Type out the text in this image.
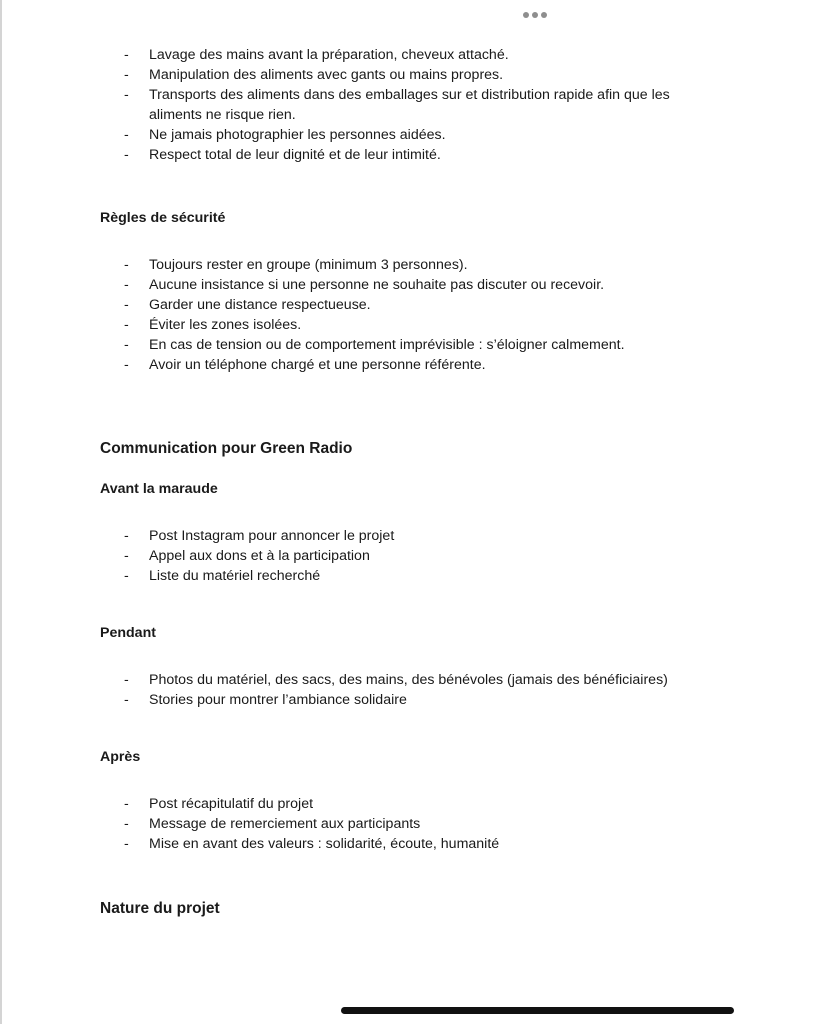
- Lavage des mains avant la préparation, cheveux attaché.
- Manipulation des aliments avec gants ou mains propres.
- Transports des aliments dans des emballages sur et distribution rapide afin que les aliments ne risque rien.
- Ne jamais photographier les personnes aidées.
- Respect total de leur dignité et de leur intimité.
Règles de sécurité
- Toujours rester en groupe (minimum 3 personnes).
- Aucune insistance si une personne ne souhaite pas discuter ou recevoir.
- Garder une distance respectueuse.
- Éviter les zones isolées.
- En cas de tension ou de comportement imprévisible : s’éloigner calmement.
- Avoir un téléphone chargé et une personne référente.
Communication pour Green Radio
Avant la maraude
- Post Instagram pour annoncer le projet
- Appel aux dons et à la participation
- Liste du matériel recherché
Pendant
- Photos du matériel, des sacs, des mains, des bénévoles (jamais des bénéficiaires)
- Stories pour montrer l’ambiance solidaire
Après
- Post récapitulatif du projet
- Message de remerciement aux participants
- Mise en avant des valeurs : solidarité, écoute, humanité
Nature du projet
